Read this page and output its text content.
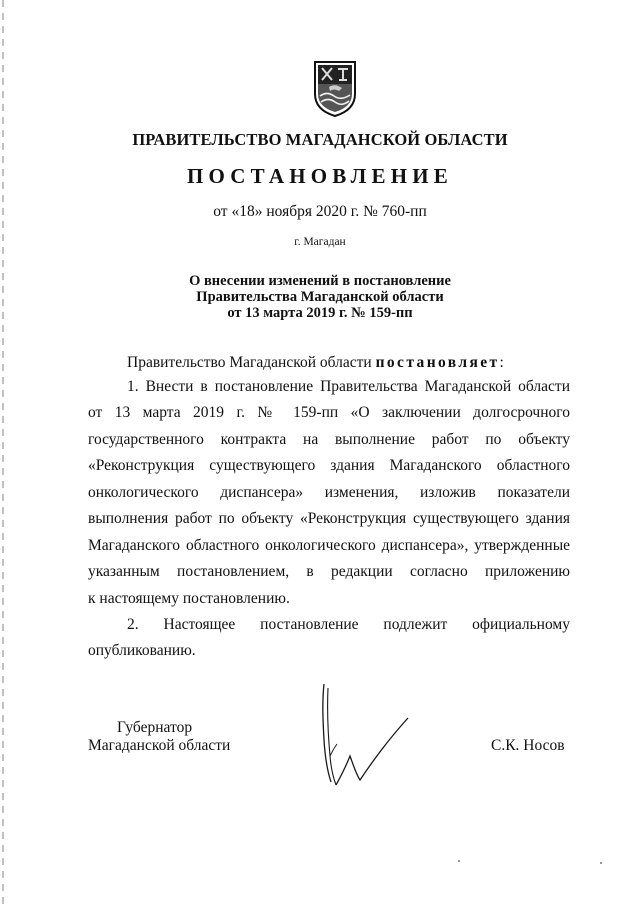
ПРАВИТЕЛЬСТВО МАГАДАНСКОЙ ОБЛАСТИ
ПОСТАНОВЛЕНИЕ
от «18» ноября 2020 г. № 760-пп
г. Магадан
О внесении изменений в постановление
Правительства Магаданской области
от 13 марта 2019 г. № 159-пп
Правительство Магаданской области постановляет:
1. Внести в постановление Правительства Магаданской области
от 13 марта 2019 г. № 159-пп «О заключении долгосрочного
государственного контракта на выполнение работ по объекту
«Реконструкция существующего здания Магаданского областного
онкологического диспансера» изменения, изложив показатели
выполнения работ по объекту «Реконструкция существующего здания
Магаданского областного онкологического диспансера», утвержденные
указанным постановлением, в редакции согласно приложению
к настоящему постановлению.
2. Настоящее постановление подлежит официальному
опубликованию.
Губернатор
Магаданской области	С.К. Носов
